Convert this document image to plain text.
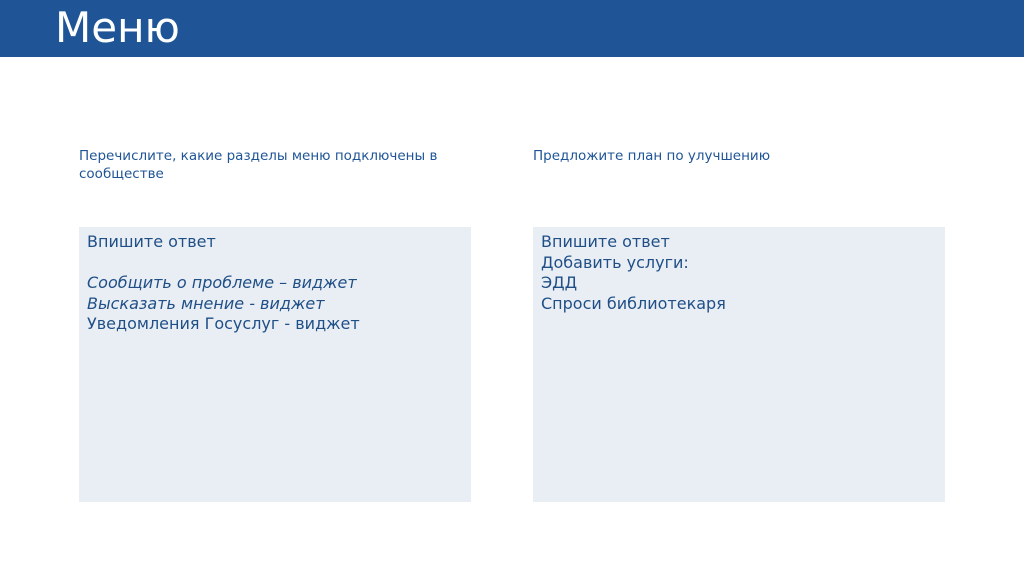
Меню
Перечислите, какие разделы меню подключены в сообществе
Предложите план по улучшению
Впишите ответ
Сообщить о проблеме – виджет
Высказать мнение - виджет
Уведомления Госуслуг - виджет
Впишите ответ
Добавить услуги:
ЭДД
Спроси библиотекаря
